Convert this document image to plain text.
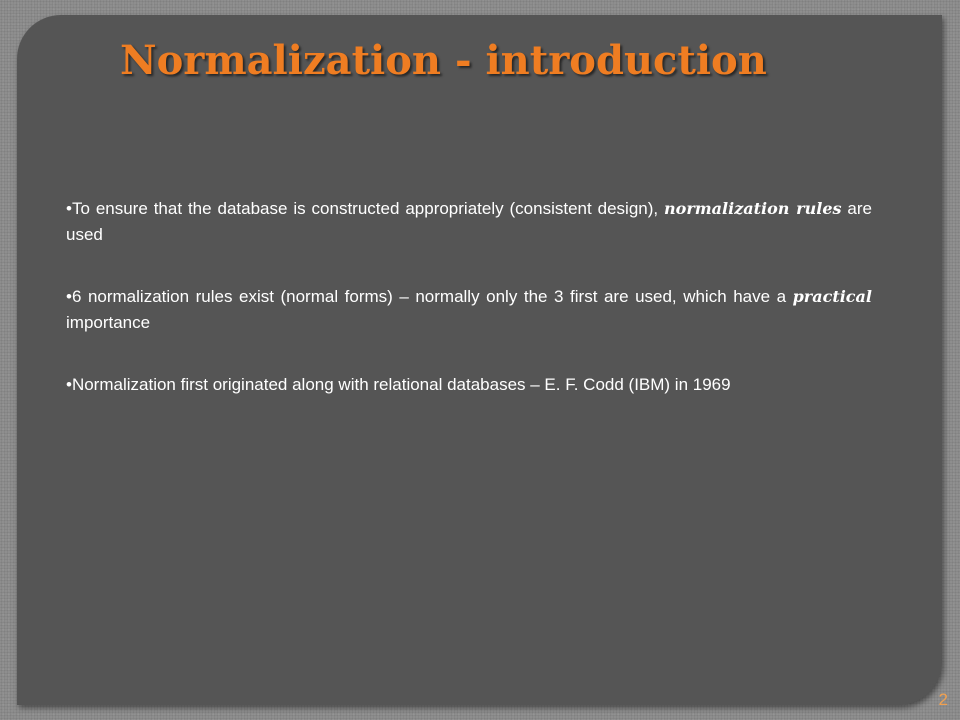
Normalization - introduction
•To ensure that the database is constructed appropriately (consistent design), normalization rules are used
•6 normalization rules exist (normal forms) – normally only the 3 first are used, which have a practical importance
•Normalization first originated along with relational databases – E. F. Codd (IBM) in 1969
2
